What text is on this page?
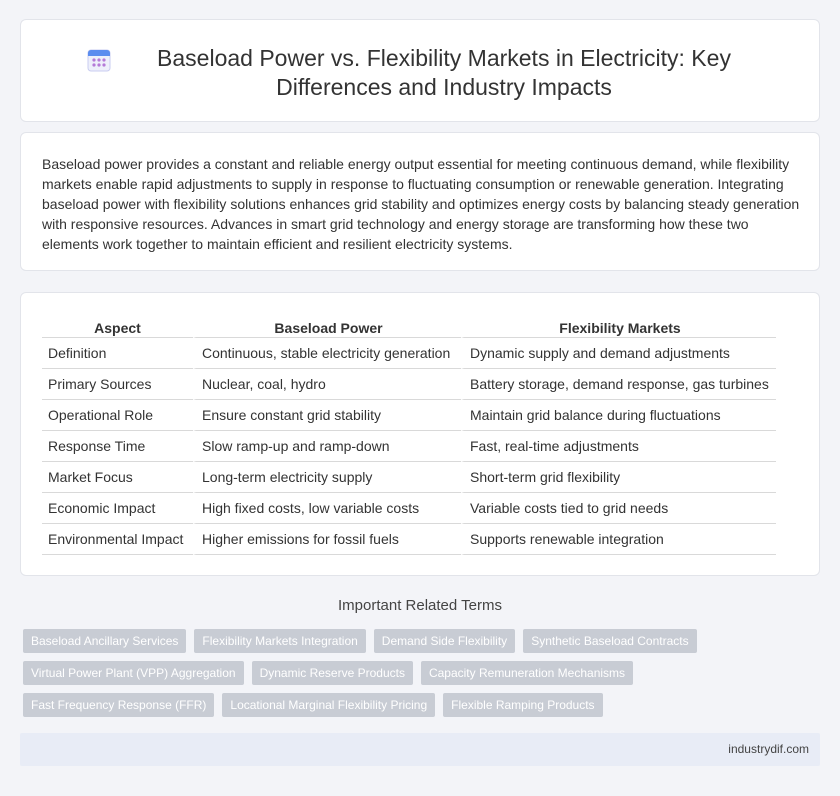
Baseload Power vs. Flexibility Markets in Electricity: Key Differences and Industry Impacts

Baseload power provides a constant and reliable energy output essential for meeting continuous demand, while flexibility markets enable rapid adjustments to supply in response to fluctuating consumption or renewable generation. Integrating baseload power with flexibility solutions enhances grid stability and optimizes energy costs by balancing steady generation with responsive resources. Advances in smart grid technology and energy storage are transforming how these two elements work together to maintain efficient and resilient electricity systems.

Aspect	Baseload Power	Flexibility Markets
Definition	Continuous, stable electricity generation	Dynamic supply and demand adjustments
Primary Sources	Nuclear, coal, hydro	Battery storage, demand response, gas turbines
Operational Role	Ensure constant grid stability	Maintain grid balance during fluctuations
Response Time	Slow ramp-up and ramp-down	Fast, real-time adjustments
Market Focus	Long-term electricity supply	Short-term grid flexibility
Economic Impact	High fixed costs, low variable costs	Variable costs tied to grid needs
Environmental Impact	Higher emissions for fossil fuels	Supports renewable integration
Important Related Terms
Baseload Ancillary Services	Flexibility Markets Integration	Demand Side Flexibility	Synthetic Baseload Contracts
Virtual Power Plant (VPP) Aggregation	Dynamic Reserve Products	Capacity Remuneration Mechanisms
Fast Frequency Response (FFR)	Locational Marginal Flexibility Pricing	Flexible Ramping Products
industrydif.com
